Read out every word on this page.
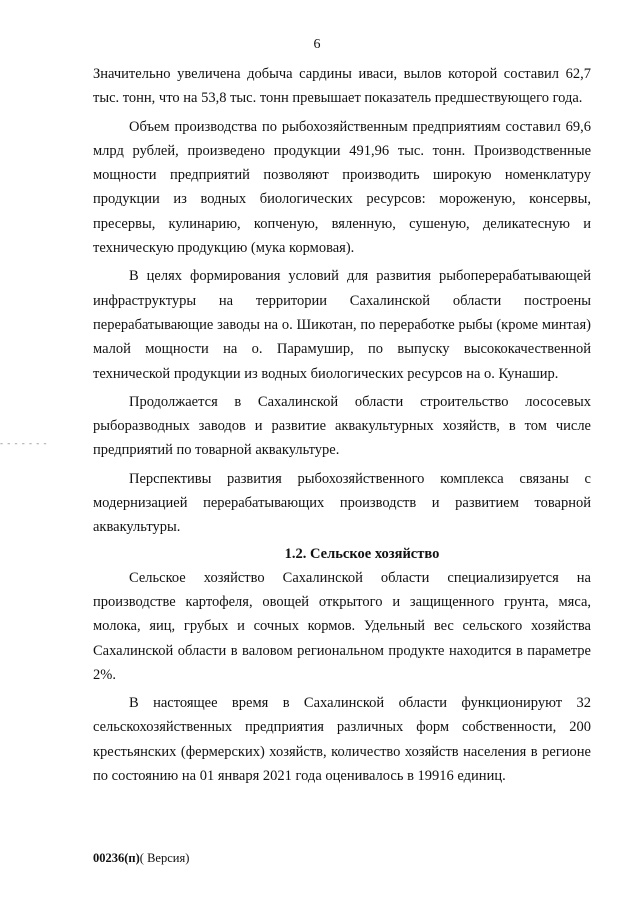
6
- - - - - - -

Значительно увеличена добыча сардины иваси, вылов которой составил 62,7 тыс. тонн, что на 53,8 тыс. тонн превышает показатель предшествующего года.

Объем производства по рыбохозяйственным предприятиям составил 69,6 млрд рублей, произведено продукции 491,96 тыс. тонн. Производственные мощности предприятий позволяют производить широкую номенклатуру продукции из водных биологических ресурсов: мороженую, консервы, пресервы, кулинарию, копченую, вяленную, сушеную, деликатесную и техническую продукцию (мука кормовая).

В целях формирования условий для развития рыбоперерабатывающей инфраструктуры на территории Сахалинской области построены перерабатывающие заводы на о. Шикотан, по переработке рыбы (кроме минтая) малой мощности на о. Парамушир, по выпуску высококачественной технической продукции из водных биологических ресурсов на о. Кунашир.

Продолжается в Сахалинской области строительство лососевых рыборазводных заводов и развитие аквакультурных хозяйств, в том числе предприятий по товарной аквакультуре.

Перспективы развития рыбохозяйственного комплекса связаны с модернизацией перерабатывающих производств и развитием товарной аквакультуры.

1.2. Сельское хозяйство

Сельское хозяйство Сахалинской области специализируется на производстве картофеля, овощей открытого и защищенного грунта, мяса, молока, яиц, грубых и сочных кормов. Удельный вес сельского хозяйства Сахалинской области в валовом региональном продукте находится в параметре 2%.

В настоящее время в Сахалинской области функционируют 32 сельскохозяйственных предприятия различных форм собственности, 200 крестьянских (фермерских) хозяйств, количество хозяйств населения в регионе по состоянию на 01 января 2021 года оценивалось в 19916 единиц.

00236(п)( Версия)
